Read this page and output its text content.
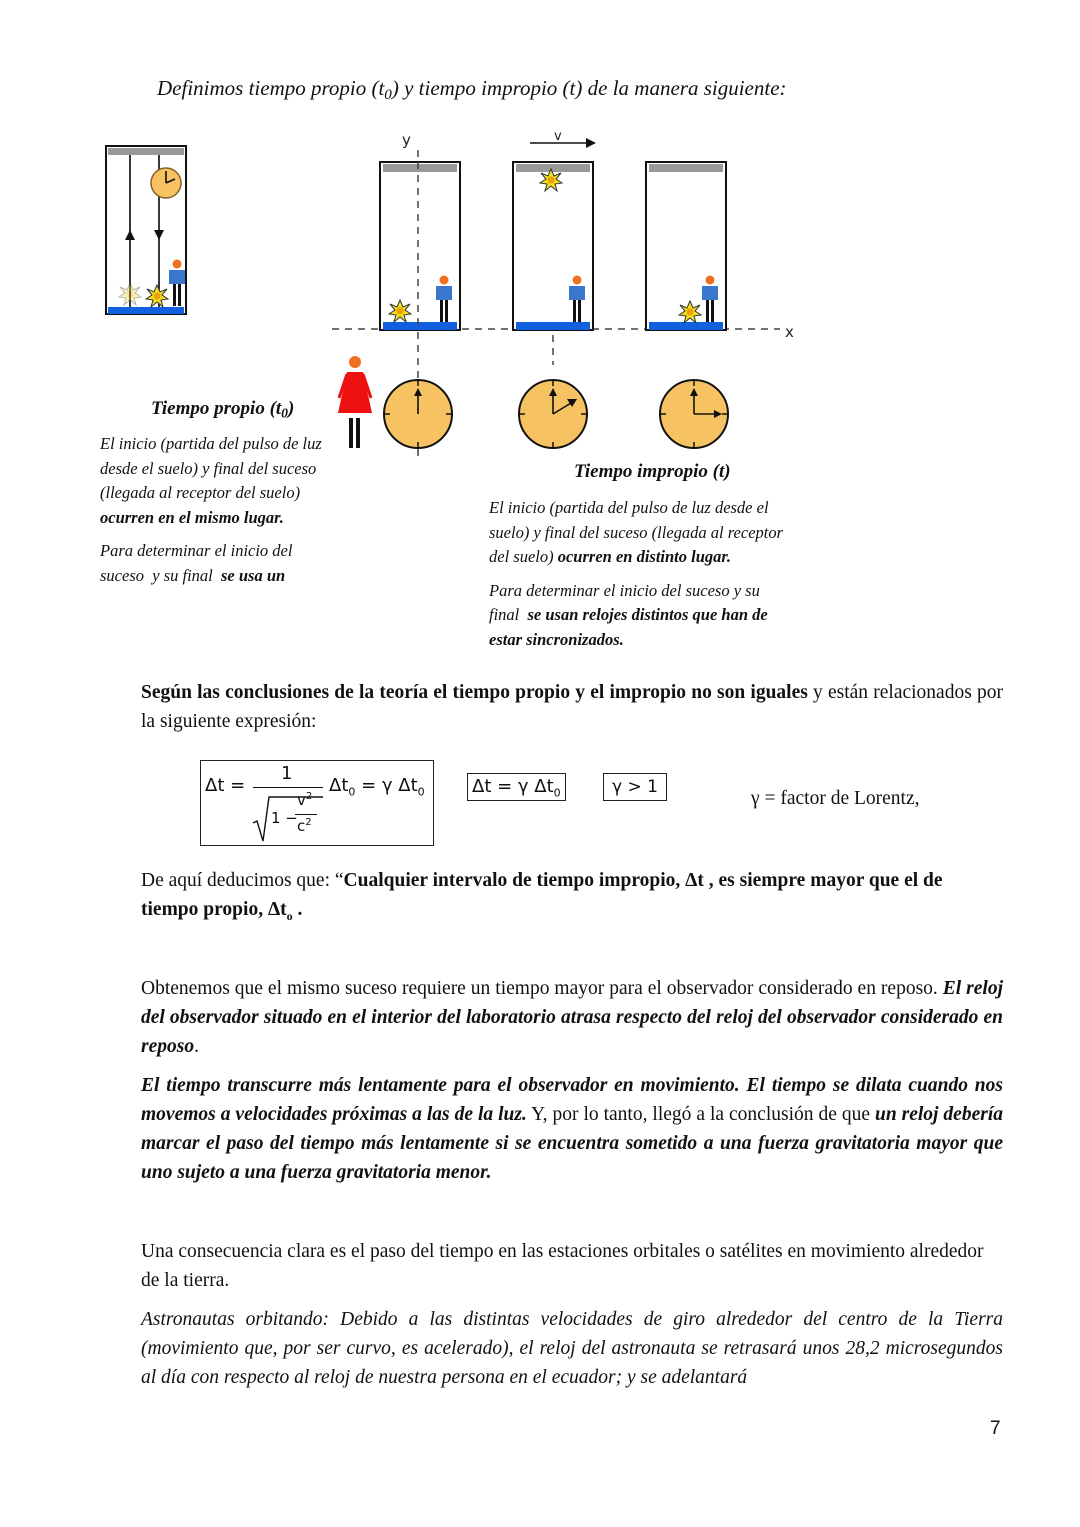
Definimos tiempo propio $(t_0)$ y tiempo impropio (t) de la manera siguiente:
x
y	v
Tiempo propio $(t_0)$
El inicio (partida del pulso de luz
desde el suelo) y final del suceso
(llegada al receptor del suelo)
ocurren en el mismo lugar.
Para determinar el inicio del
suceso  y su final  se usa un
Tiempo impropio (t)
El inicio (partida del pulso de luz desde el
suelo) y final del suceso (llegada al receptor
del suelo) ocurren en distinto lugar.
Para determinar el inicio del suceso y su
final  se usan relojes distintos que han de
estar sincronizados.
Según las conclusiones de la teoría el tiempo propio y el impropio no son iguales y están relacionados por la siguiente expresión:
Δt =
1
1 −
$v^2$
$c^2$
$\Delta t_0 = \gamma$ $\Delta t_0$	Δt = γ $\Delta t_0$	γ > 1
γ = factor de Lorentz,
De aquí deducimos que: “Cualquier intervalo de tiempo impropio, Δt , es siempre mayor que el de tiempo propio, $\Delta t_o$ .
Obtenemos que el mismo suceso requiere un tiempo mayor para el observador considerado en reposo. El reloj del observador situado en el interior del laboratorio atrasa respecto del reloj del observador considerado en reposo.
El tiempo transcurre más lentamente para el observador en movimiento. El tiempo se dilata cuando nos movemos a velocidades próximas a las de la luz. Y, por lo tanto, llegó a la conclusión de que un reloj debería marcar el paso del tiempo más lentamente si se encuentra sometido a una fuerza gravitatoria mayor que uno sujeto a una fuerza gravitatoria menor.
Una consecuencia clara es el paso del tiempo en las estaciones orbitales o satélites en movimiento alrededor de la tierra.
Astronautas orbitando: Debido a las distintas velocidades de giro alrededor del centro de la Tierra (movimiento que, por ser curvo, es acelerado), el reloj del astronauta se retrasará unos 28,2 microsegundos al día con respecto al reloj de nuestra persona en el ecuador; y se adelantará
7
